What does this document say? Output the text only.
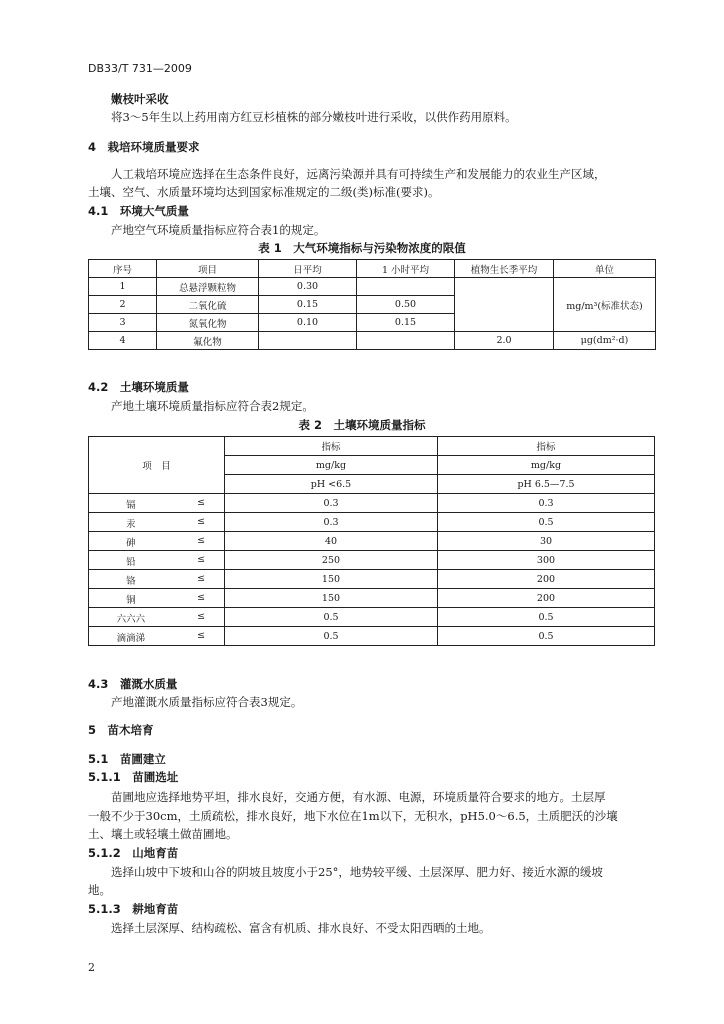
DB33/T 731—2009
嫩枝叶采收
将3～5年生以上药用南方红豆杉植株的部分嫩枝叶进行采收，以供作药用原料。
4　栽培环境质量要求
人工栽培环境应选择在生态条件良好，远离污染源并具有可持续生产和发展能力的农业生产区域，
土壤、空气、水质量环境均达到国家标准规定的二级(类)标准(要求)。
4.1　环境大气质量
产地空气环境质量指标应符合表1的规定。
表 1　大气环境指标与污染物浓度的限值
序号	项目	日平均	1 小时平均	植物生长季平均	单位
1	总悬浮颗粒物	0.30			mg/m³(标准状态)
2	二氧化硫	0.15	0.50		
3	氮氧化物	0.10	0.15		
4	氟化物			2.0	μg(dm²·d)
4.2　土壤环境质量
产地土壤环境质量指标应符合表2规定。
表 2　土壤环境质量指标
项　目	指标	指标
	mg/kg	mg/kg
	pH <6.5	pH 6.5—7.5

镉 ≤	0.3	0.3

汞 ≤	0.3	0.5

砷 ≤	40	30

铅 ≤	250	300

铬 ≤	150	200

铜 ≤	150	200

六六六 ≤	0.5	0.5

滴滴涕 ≤	0.5	0.5
4.3　灌溉水质量
产地灌溉水质量指标应符合表3规定。
5　苗木培育
5.1　苗圃建立
5.1.1　苗圃选址
苗圃地应选择地势平坦，排水良好，交通方便，有水源、电源，环境质量符合要求的地方。土层厚
一般不少于30cm，土质疏松，排水良好，地下水位在1m以下，无积水，pH5.0～6.5，土质肥沃的沙壤
土、壤土或轻壤土做苗圃地。
5.1.2　山地育苗
选择山坡中下坡和山谷的阴坡且坡度小于25°，地势较平缓、土层深厚、肥力好、接近水源的缓坡
地。
5.1.3　耕地育苗
选择土层深厚、结构疏松、富含有机质、排水良好、不受太阳西晒的土地。
2
